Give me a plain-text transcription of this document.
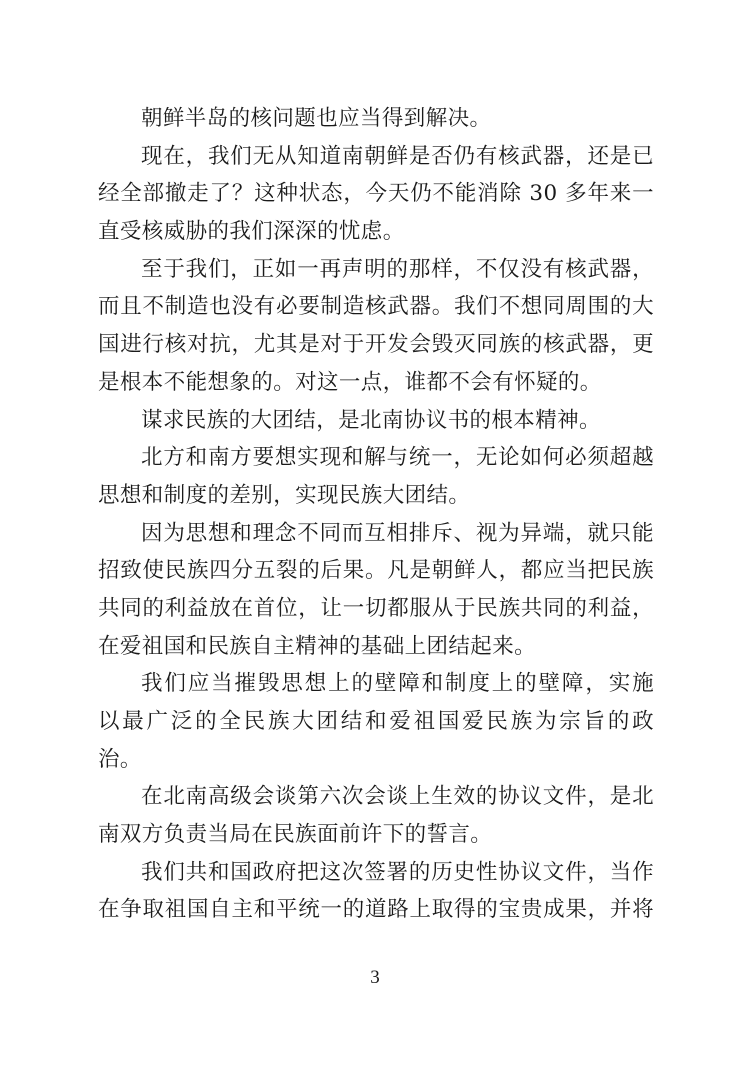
朝鲜半岛的核问题也应当得到解决。
现在，我们无从知道南朝鲜是否仍有核武器，还是已
经全部撤走了？这种状态，今天仍不能消除 30 多年来一
直受核威胁的我们深深的忧虑。
至于我们，正如一再声明的那样，不仅没有核武器，
而且不制造也没有必要制造核武器。我们不想同周围的大
国进行核对抗，尤其是对于开发会毁灭同族的核武器，更
是根本不能想象的。对这一点，谁都不会有怀疑的。
谋求民族的大团结，是北南协议书的根本精神。
北方和南方要想实现和解与统一，无论如何必须超越
思想和制度的差别，实现民族大团结。
因为思想和理念不同而互相排斥、视为异端，就只能
招致使民族四分五裂的后果。凡是朝鲜人，都应当把民族
共同的利益放在首位，让一切都服从于民族共同的利益，
在爱祖国和民族自主精神的基础上团结起来。
我们应当摧毁思想上的壁障和制度上的壁障，实施
以最广泛的全民族大团结和爱祖国爱民族为宗旨的政
治。
在北南高级会谈第六次会谈上生效的协议文件，是北
南双方负责当局在民族面前许下的誓言。
我们共和国政府把这次签署的历史性协议文件，当作
在争取祖国自主和平统一的道路上取得的宝贵成果，并将
3
